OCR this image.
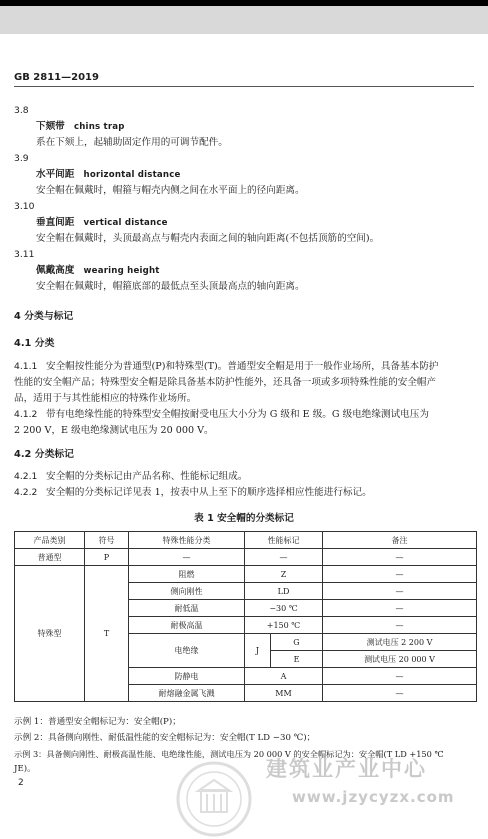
GB 2811—2019
3.8
下颏带 chins trap
系在下颏上，起辅助固定作用的可调节配件。
3.9
水平间距 horizontal distance
安全帽在佩戴时，帽箍与帽壳内侧之间在水平面上的径向距离。
3.10
垂直间距 vertical distance
安全帽在佩戴时，头顶最高点与帽壳内表面之间的轴向距离(不包括顶筋的空间)。
3.11
佩戴高度 wearing height
安全帽在佩戴时，帽箍底部的最低点至头顶最高点的轴向距离。
4 分类与标记
4.1 分类
4.1.1 安全帽按性能分为普通型(P)和特殊型(T)。普通型安全帽是用于一般作业场所，具备基本防护
性能的安全帽产品；特殊型安全帽是除具备基本防护性能外，还具备一项或多项特殊性能的安全帽产
品，适用于与其性能相应的特殊作业场所。
4.1.2 带有电绝缘性能的特殊型安全帽按耐受电压大小分为 G 级和 E 级。G 级电绝缘测试电压为
2 200 V，E 级电绝缘测试电压为 20 000 V。
4.2 分类标记
4.2.1 安全帽的分类标记由产品名称、性能标记组成。
4.2.2 安全帽的分类标记详见表 1，按表中从上至下的顺序选择相应性能进行标记。
表 1 安全帽的分类标记
产品类别	符号	特殊性能分类	性能标记		备注
普通型	P	—	—		—
特殊型	T	阻燃	Z		—
		侧向刚性	LD		—
		耐低温	−30 ℃		—
		耐极高温	+150 ℃		—
		电绝缘	J	G	测试电压 2 200 V
				E	测试电压 20 000 V
		防静电	A		—
		耐熔融金属飞溅	MM		—
示例 1：普通型安全帽标记为：安全帽(P)；
示例 2：具备侧向刚性、耐低温性能的安全帽标记为：安全帽(T LD −30 ℃)；
示例 3：具备侧向刚性、耐极高温性能、电绝缘性能，测试电压为 20 000 V 的安全帽标记为：安全帽(T LD +150 ℃
JE)。
2
建筑业产业中心
www.jzycyzx.com
